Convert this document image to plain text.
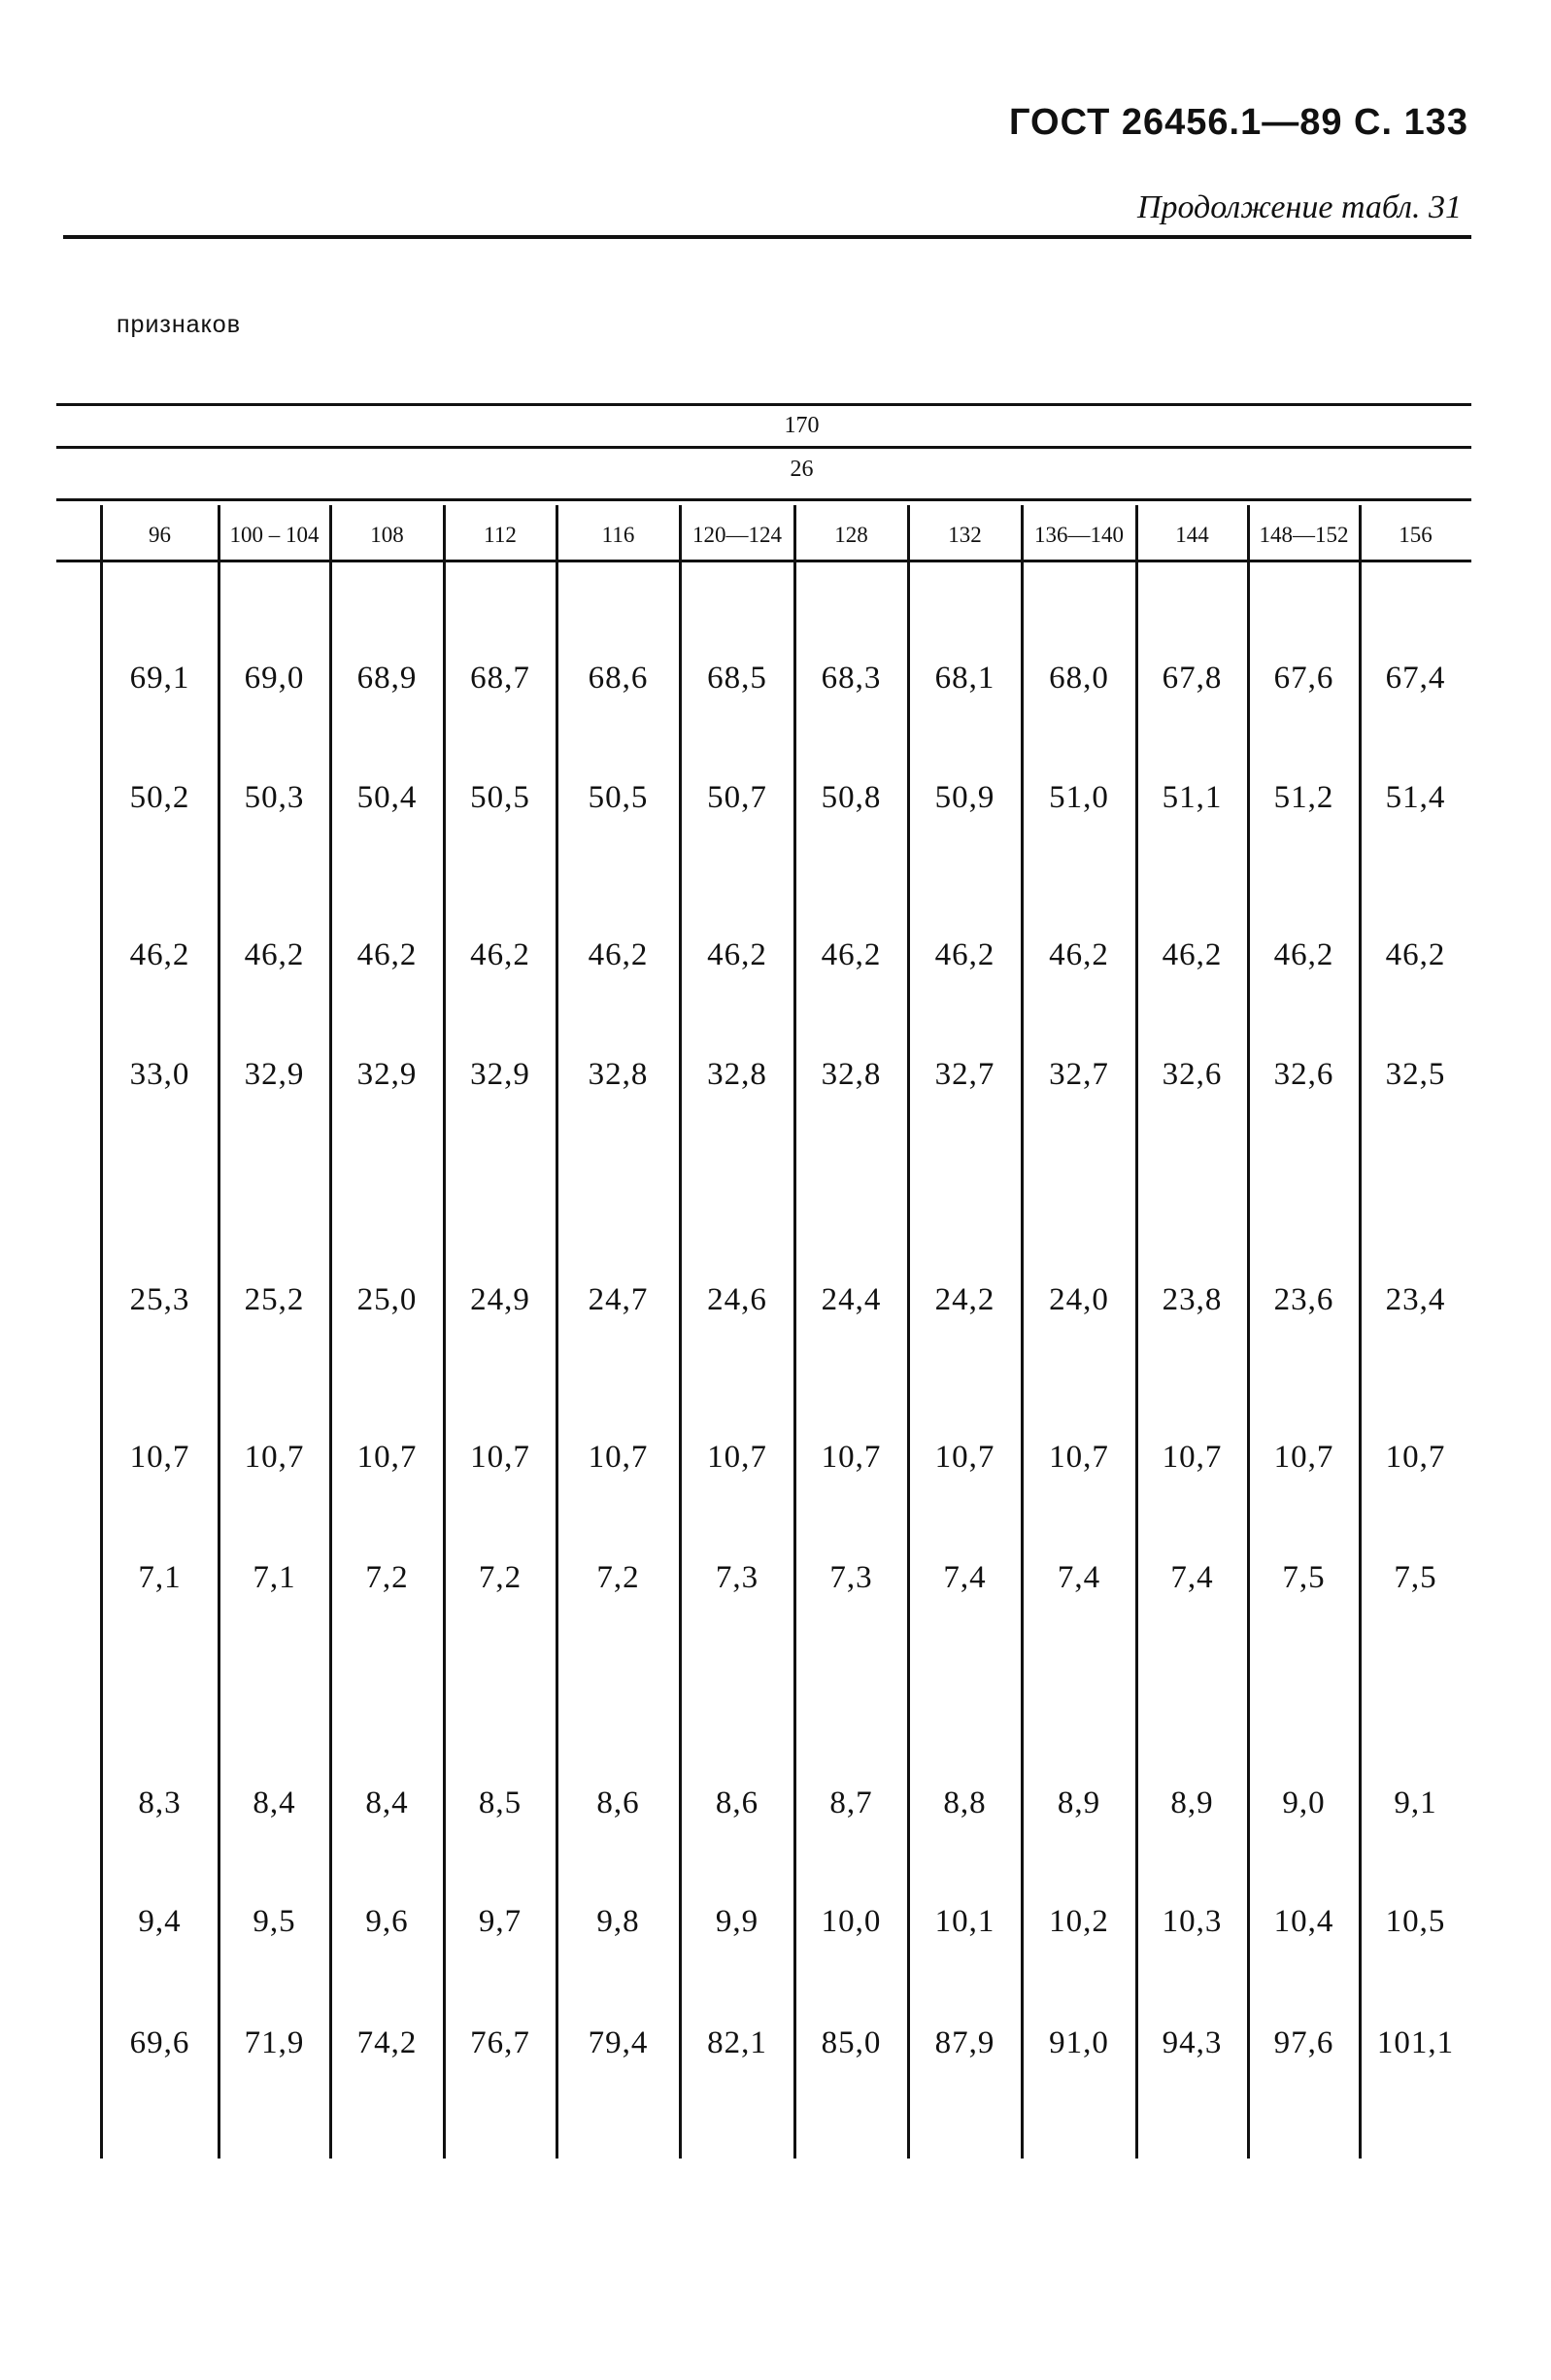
ГОСТ 26456.1—89 С. 133
Продолжение табл. 31
признаков
170
26
96	100 – 104	108	112	116	120—124	128	132	136—140	144	148—152	156
69,1	69,0	68,9	68,7	68,6	68,5	68,3	68,1	68,0	67,8	67,6	67,4
50,2	50,3	50,4	50,5	50,5	50,7	50,8	50,9	51,0	51,1	51,2	51,4
46,2	46,2	46,2	46,2	46,2	46,2	46,2	46,2	46,2	46,2	46,2	46,2
33,0	32,9	32,9	32,9	32,8	32,8	32,8	32,7	32,7	32,6	32,6	32,5
25,3	25,2	25,0	24,9	24,7	24,6	24,4	24,2	24,0	23,8	23,6	23,4
10,7	10,7	10,7	10,7	10,7	10,7	10,7	10,7	10,7	10,7	10,7	10,7
7,1	7,1	7,2	7,2	7,2	7,3	7,3	7,4	7,4	7,4	7,5	7,5
8,3	8,4	8,4	8,5	8,6	8,6	8,7	8,8	8,9	8,9	9,0	9,1
9,4	9,5	9,6	9,7	9,8	9,9	10,0	10,1	10,2	10,3	10,4	10,5
69,6	71,9	74,2	76,7	79,4	82,1	85,0	87,9	91,0	94,3	97,6	101,1
